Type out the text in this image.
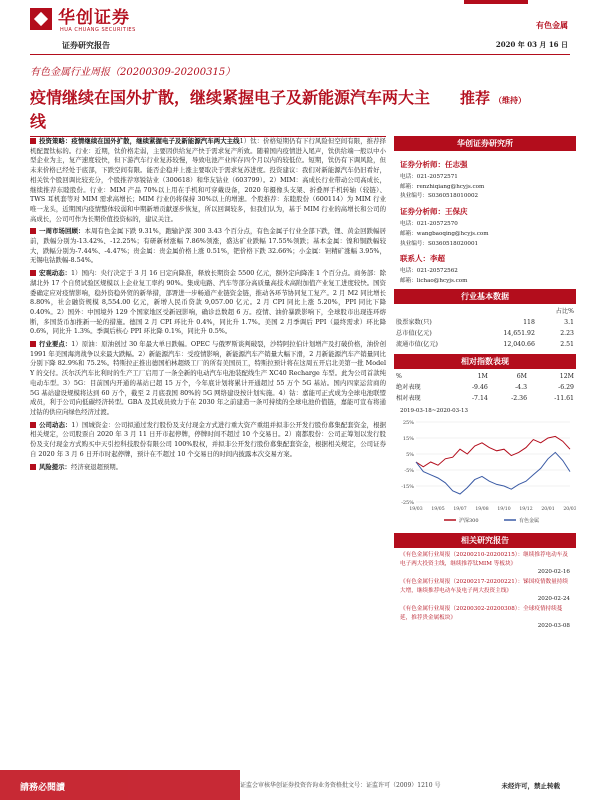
华创证券
HUA CHUANG SECURITIES
证券研究报告
有色金属
2020 年 03 月 16 日
有色金属行业周报（20200309-20200315）
疫情继续在国外扩散，继续紧握电子及新能源汽车两大主线
推荐 （维持）

投资策略：疫情继续在国外扩散，继续紧握电子及新能源汽车两大主线1）钛：价格短期仍有下行风险但空间有限，推荐择机配置钛标的。行业：近期，钛价格走弱，主要因供给复产快于需求复产所致。随着国内疫情进入尾声，钛供给端一般以中小型企业为主，复产速度较快，但下游汽车行业复苏较慢，导致电池产业库存四个月以内的较低位。短期，钛仍有下调风险，但未来价格已经处于底部，下跌空间有限。能否企稳并上涨主要取决于需求复苏进度。投资建议：我们对新能源汽车仍旧看好，相关钛个股回调比较充分，个股推荐寒锐钴业（300618）和华友钴业（603799）。2）MIM：高成长行业带动公司高成长，继续推荐东睦股份。行业：MIM 产品 70%以上用在手机和可穿戴设备，2020 年摄像头支架、折叠屏手机转轴（较链）、TWS 耳机套等对 MIM 需求高增长；MIM 行业仍将保持 30%以上的增速。个股推荐：东睦股份（600114）为 MIM 行业唯一龙头，近期国内疫情整体较弱和中期新增贡献逐步恢复，所以回调较多，但我们认为，基于 MIM 行业的高增长和公司的高成长，公司可作为长期价值投资标的，建议关注。

一周市场回顾：本周有色金属下跌 9.31%，跑输沪深 300 3.43 个百分点，有色金属子行业全部下跌，锂、黄金回跌幅居前，跌幅分别为-13.42%、-12.25%；有研新材涨幅 7.86%领涨，盛达矿业跌幅 17.55%领跌；基本金属：镍和铜跌幅较大，跌幅分别为-7.44%、-4.47%；贵金属：贵金属价格上涨 0.51%，钯价格下跌 32.66%；小金属：钽精矿涨幅 3.95%，无锡电钴跌幅-8.54%。

宏观动态：1）国内：央行决定于 3 月 16 日定向降准，释放长期资金 5500 亿元，额外定向降准 1 个百分点。商务部：除湖北外 17 个自贸试验区规模以上企业复工率约 90%。集成电路、汽车等部分高质量高技术高附加值产业复工进度较快。国资委确定应对疫情影响，稳外资稳外贸的新举措，部署进一步畅通产业链资金链，推动各环节协同复工复产。2 月 M2 同比增长 8.80%，社会融资规模 8,554.00 亿元，新增人民币贷款 9,057.00 亿元。2 月 CPI 同比上涨 5.20%，PPI 同比下降 0.40%。2）国外：中国境外 129 个国家地区受新冠影响，确诊总数超 6 万。疫情、油价暴跌影响下，全球股市出现连环熔断，多国货币加推新一轮的措施。德国 2 月 CPI 环比升 0.4%，同比升 1.7%。美国 2 月季调后 PPI（最终需求）环比降 0.6%，同比升 1.3%。季调后核心 PPI 环比降 0.1%，同比升 0.5%。

行业要点：1）原油：原油创过 30 年最大单日跌幅。OPEC 与俄罗斯谈判破裂，沙特阿拉伯计划增产及打破价格，油价创 1991 年美国海湾战争以来最大跌幅。2）新能源汽车：受疫情影响，新能源汽车产销量大幅下滑，2 月新能源汽车产销量同比分别下降 82.9%和 75.2%。特斯拉正推出德国柏林超级工厂的所有美国员工，特斯拉预计将在这周五开启北美第一批 Model Y 的交付。沃尔沃汽车比利时的生产工厂启用了一条全新的电动汽车电池装配线生产 XC40 Recharge 车型。此为公司首款纯电动车型。3）5G：目前国内开通的基站已超 15 万个，今年底计划将累计开通超过 55 万个 5G 基站。国内四家运营商的 5G 基站建设规模将达到 60 万个，截至 2 月底我国 80%的 5G 网络建设按计划实施。4）钴：嘉能可正式成为全球电池联盟成员，利于公司向低碳经济转型。GBA 及其成员致力于在 2030 年之前建造一条可持续的全球电池价值链，嘉能可宣布将通过钴的供应向绿色经济过渡。

公司动态：1）国城资金：公司拟通过发行股份及支付现金方式进行重大资产重组并拟非公开发行股份募集配套资金，根据相关规定，公司股票自 2020 年 3 月 11 日开市起停牌，停牌时间不超过 10 个交易日。2）南都股份：公司正筹划以发行股份及支付现金方式购买中天引控科技股份有限公司 100%股权，并拟非公开发行股份募集配套资金，根据相关规定，公司证券自 2020 年 3 月 6 日开市时起停牌，预计在不超过 10 个交易日的时间内披露本次交易方案。

风险提示：经济衰退超预期。

华创证券研究所
证券分析师：任志强
电话：021-20572571
邮箱：renzhiqiang@hcyjs.com
执业编号：S0360518010002
证券分析师：王保庆
电话：021-20572570
邮箱：wangbaoqing@hcyjs.com
执业编号：S0360518020001
联系人：李超
电话：021-20572562
邮箱：lichao@hcyjs.com
行业基本数据
		占比%
股票家数(只)	118	3.1
总市值(亿元)	14,651.92	2.23
流通市值(亿元)	12,040.66	2.51
相对指数表现
%	1M	6M	12M
绝对表现	-9.46	-4.3	-6.29
相对表现	-7.14	-2.36	-11.61
2019-03-18~2020-03-13
25%
15%
5%
-5%
-15%
-25%
19/03 19/05 19/07 19/08 19/10 19/12 20/01 20/03
沪深300	有色金属
相关研究报告
《有色金属行业周报（20200210-20200215）：继续推荐电动车及电子两大投资主线，继续推荐钛MIM 等板块》
2020-02-16
《有色金属行业周报（20200217-20200221）：锑国疫情数量持续大增，继续推荐电动车及电子两大投资主线》
2020-02-24
《有色金属行业周报（20200302-20200308）：全球疫情持续蔓延，推荐贵金属板块》
2020-03-08
請務必閱讀	证监会审核华创证券投资咨询业务资格批文号：证监许可（2009）1210 号	未经许可，禁止转载
